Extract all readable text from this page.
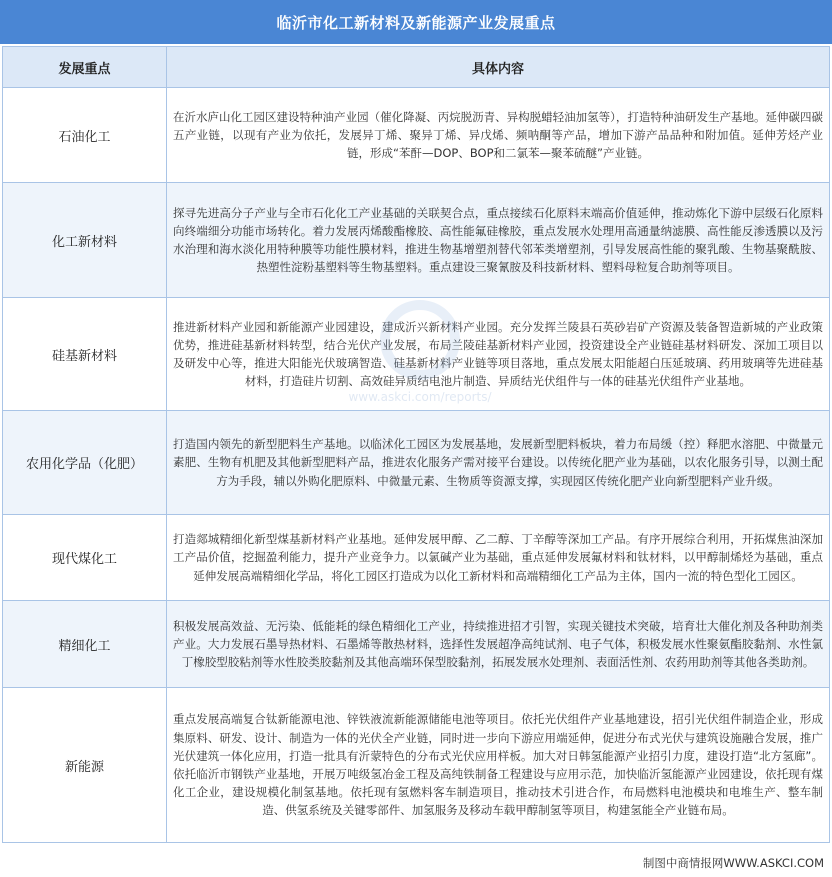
临沂市化工新材料及新能源产业发展重点
发展重点	具体内容
石油化工	在沂水庐山化工园区建设特种油产业园（催化降凝、丙烷脱沥青、异构脱蜡轻油加氢等），打造特种油研发生产基地。延伸碳四碳五产业链，以现有产业为依托，发展异丁烯、聚异丁烯、异戊烯、频呐酮等产品，增加下游产品品种和附加值。延伸芳烃产业链，形成“苯酐—DOP、BOP和二氯苯—聚苯硫醚”产业链。
化工新材料	探寻先进高分子产业与全市石化化工产业基础的关联契合点，重点接续石化原料末端高价值延伸，推动炼化下游中层级石化原料向终端细分功能市场转化。着力发展丙烯酸酯橡胶、高性能氟硅橡胶，重点发展水处理用高通量纳滤膜、高性能反渗透膜以及污水治理和海水淡化用特种膜等功能性膜材料，推进生物基增塑剂替代邻苯类增塑剂，引导发展高性能的聚乳酸、生物基聚酰胺、热塑性淀粉基塑料等生物基塑料。重点建设三聚氰胺及科技新材料、塑料母粒复合助剂等项目。
硅基新材料	推进新材料产业园和新能源产业园建设，建成沂兴新材料产业园。充分发挥兰陵县石英砂岩矿产资源及装备智造新城的产业政策优势，推进硅基新材料转型，结合光伏产业发展，布局兰陵硅基新材料产业园，投资建设全产业链硅基材料研发、深加工项目以及研发中心等，推进大阳能光伏玻璃智造、硅基新材料产业链等项目落地，重点发展太阳能超白压延玻璃、药用玻璃等先进硅基材料，打造硅片切割、高效硅异质结电池片制造、异质结光伏组件与一体的硅基光伏组件产业基地。
农用化学品（化肥）	打造国内领先的新型肥料生产基地。以临沭化工园区为发展基地，发展新型肥料板块，着力布局缓（控）释肥水溶肥、中微量元素肥、生物有机肥及其他新型肥料产品，推进农化服务产需对接平台建设。以传统化肥产业为基础，以农化服务引导，以测土配方为手段，辅以外购化肥原料、中微量元素、生物质等资源支撑，实现园区传统化肥产业向新型肥料产业升级。
现代煤化工	打造郯城精细化新型煤基新材料产业基地。延伸发展甲醇、乙二醇、丁辛醇等深加工产品。有序开展综合利用，开拓煤焦油深加工产品价值，挖掘盈利能力，提升产业竞争力。以氯碱产业为基础，重点延伸发展氟材料和钛材料，以甲醇制烯烃为基础，重点延伸发展高端精细化学品，将化工园区打造成为以化工新材料和高端精细化工产品为主体，国内一流的特色型化工园区。
精细化工	积极发展高效益、无污染、低能耗的绿色精细化工产业，持续推进招才引智，实现关键技术突破，培育壮大催化剂及各种助剂类产业。大力发展石墨导热材料、石墨烯等散热材料，选择性发展超净高纯试剂、电子气体，积极发展水性聚氨酯胶黏剂、水性氯丁橡胶型胶粘剂等水性胶类胶黏剂及其他高端环保型胶黏剂，拓展发展水处理剂、表面活性剂、农药用助剂等其他各类助剂。
新能源	重点发展高端复合钛新能源电池、锌铁液流新能源储能电池等项目。依托光伏组件产业基地建设，招引光伏组件制造企业，形成集原料、研发、设计、制造为一体的光伏全产业链，同时进一步向下游应用端延伸，促进分布式光伏与建筑设施融合发展，推广光伏建筑一体化应用，打造一批具有沂蒙特色的分布式光伏应用样板。加大对日韩氢能源产业招引力度，建设打造“北方氢廊”。依托临沂市钢铁产业基地，开展万吨级氢冶金工程及高纯铁制备工程建设与应用示范，加快临沂氢能源产业园建设，依托现有煤化工企业，建设规模化制氢基地。依托现有氢燃料客车制造项目，推动技术引进合作，布局燃料电池模块和电堆生产、整车制造、供氢系统及关键零部件、加氢服务及移动车载甲醇制氢等项目，构建氢能全产业链布局。
制图中商情报网WWW.ASKCI.COM
